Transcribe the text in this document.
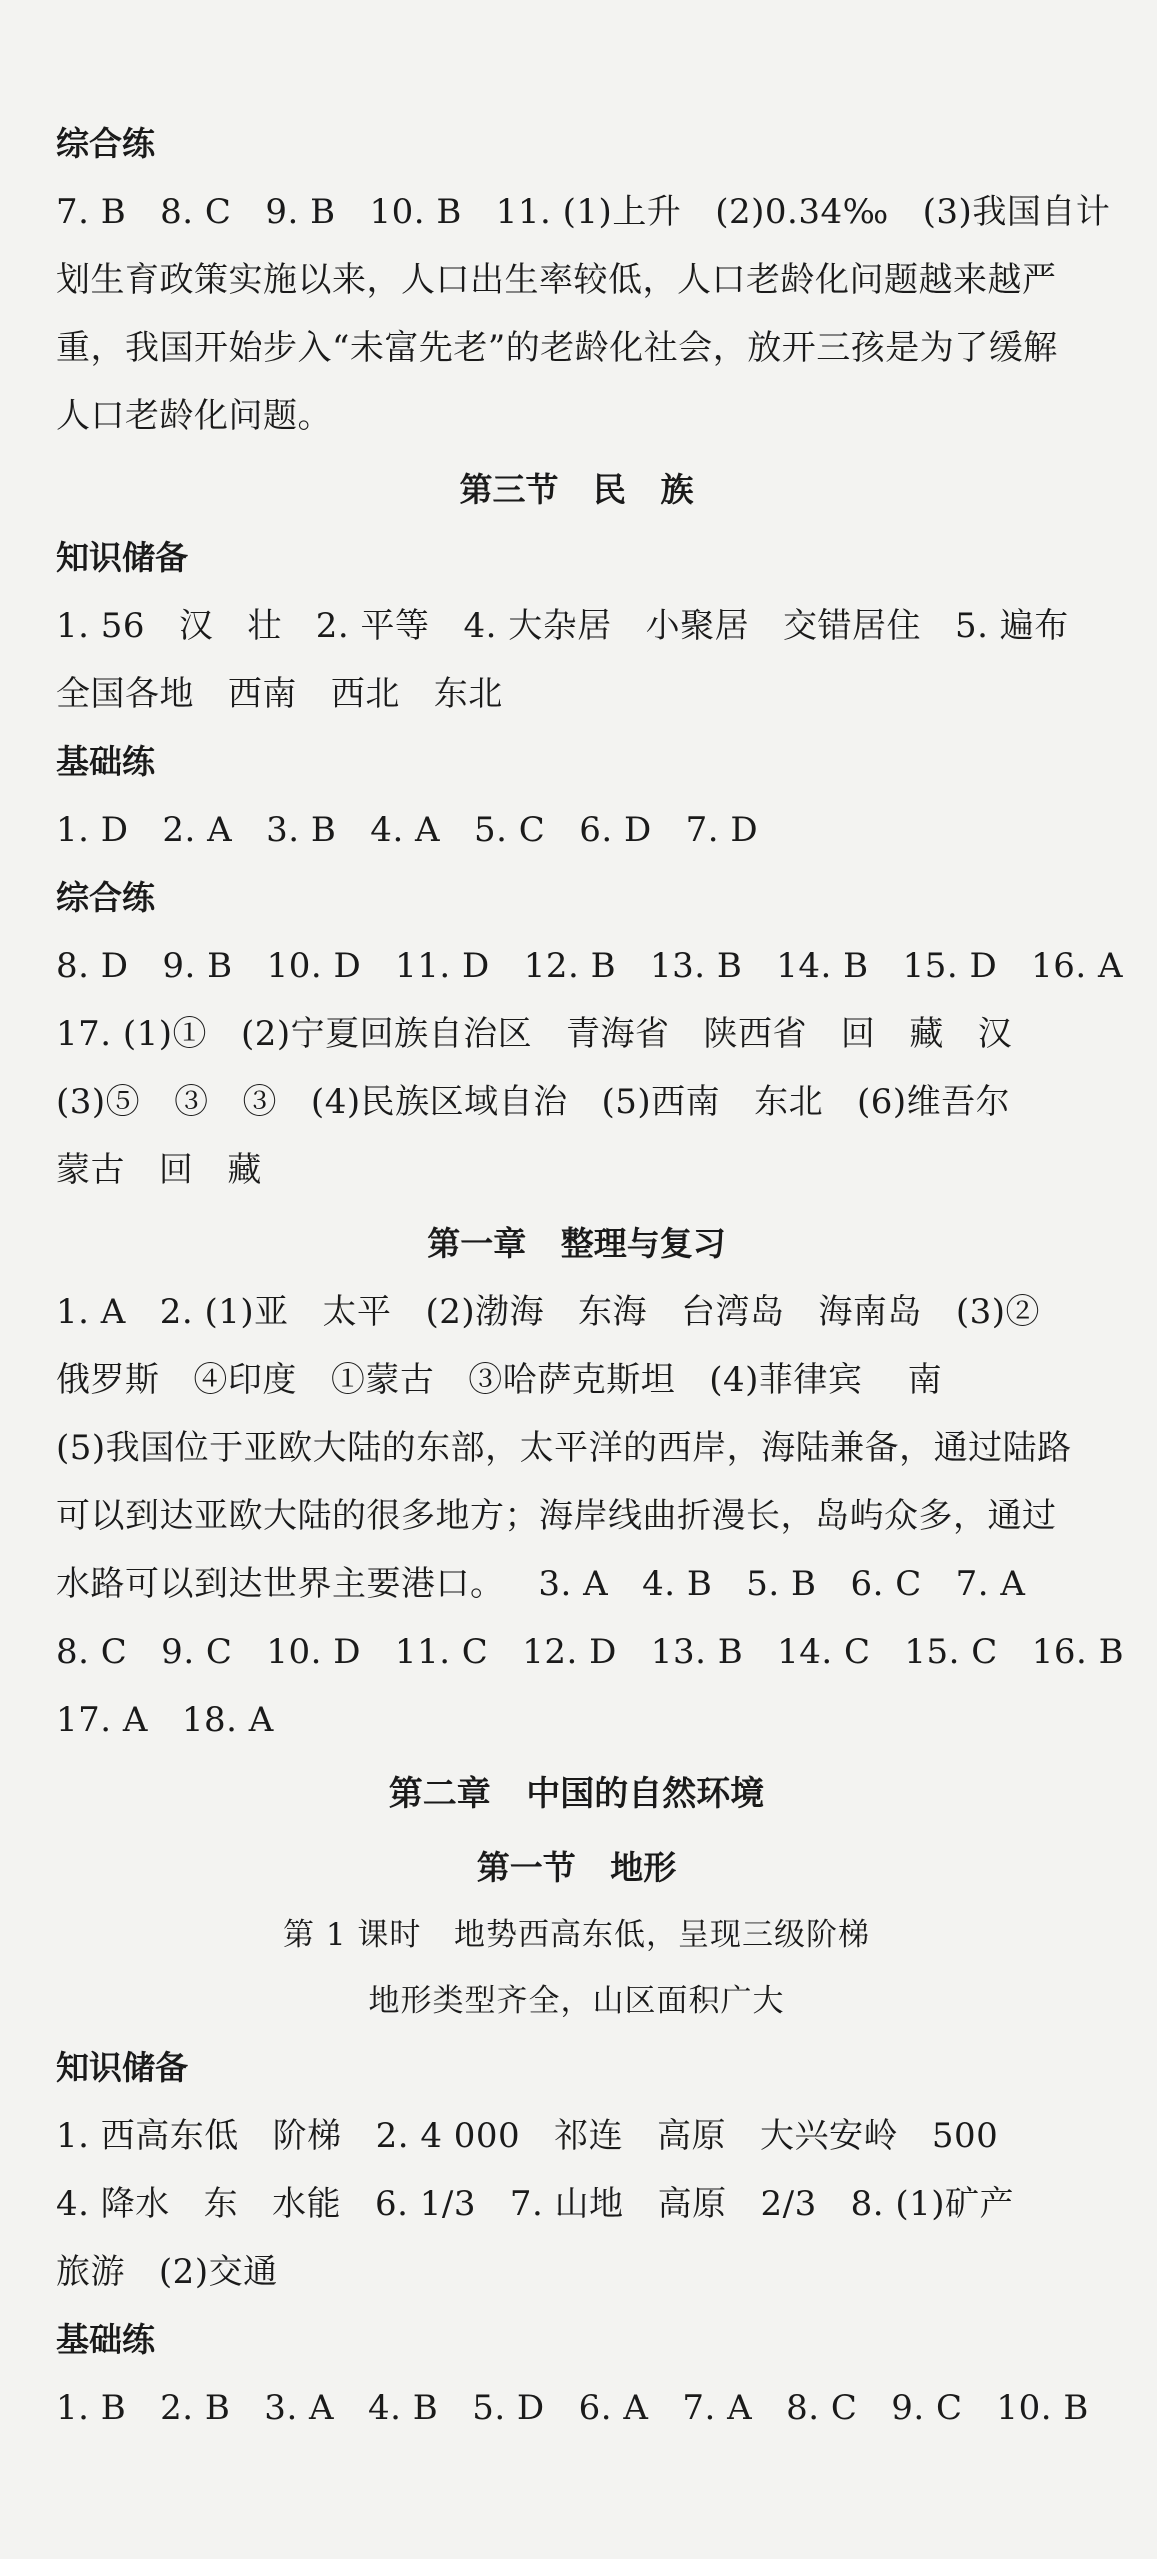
综合练
7. B   8. C   9. B   10. B   11. (1)上升   (2)0.34‰   (3)我国自计
划生育政策实施以来，人口出生率较低，人口老龄化问题越来越严
重，我国开始步入“未富先老”的老龄化社会，放开三孩是为了缓解
人口老龄化问题。
第三节   民   族
知识储备
1. 56   汉   壮   2. 平等   4. 大杂居   小聚居   交错居住   5. 遍布
全国各地   西南   西北   东北
基础练
1. D   2. A   3. B   4. A   5. C   6. D   7. D
综合练
8. D   9. B   10. D   11. D   12. B   13. B   14. B   15. D   16. A
17. (1)①   (2)宁夏回族自治区   青海省   陕西省   回   藏   汉
(3)⑤   ③   ③   (4)民族区域自治   (5)西南   东北   (6)维吾尔
蒙古   回   藏
第一章   整理与复习
1. A   2. (1)亚   太平   (2)渤海   东海   台湾岛   海南岛   (3)②
俄罗斯   ④印度   ①蒙古   ③哈萨克斯坦   (4)菲律宾    南
(5)我国位于亚欧大陆的东部，太平洋的西岸，海陆兼备，通过陆路
可以到达亚欧大陆的很多地方；海岸线曲折漫长，岛屿众多，通过
水路可以到达世界主要港口。   3. A   4. B   5. B   6. C   7. A
8. C   9. C   10. D   11. C   12. D   13. B   14. C   15. C   16. B
17. A   18. A
第二章   中国的自然环境
第一节   地形
第 1 课时   地势西高东低，呈现三级阶梯
地形类型齐全，山区面积广大
知识储备
1. 西高东低   阶梯   2. 4 000   祁连   高原   大兴安岭   500
4. 降水   东   水能   6. 1/3   7. 山地   高原   2/3   8. (1)矿产
旅游   (2)交通
基础练
1. B   2. B   3. A   4. B   5. D   6. A   7. A   8. C   9. C   10. B
